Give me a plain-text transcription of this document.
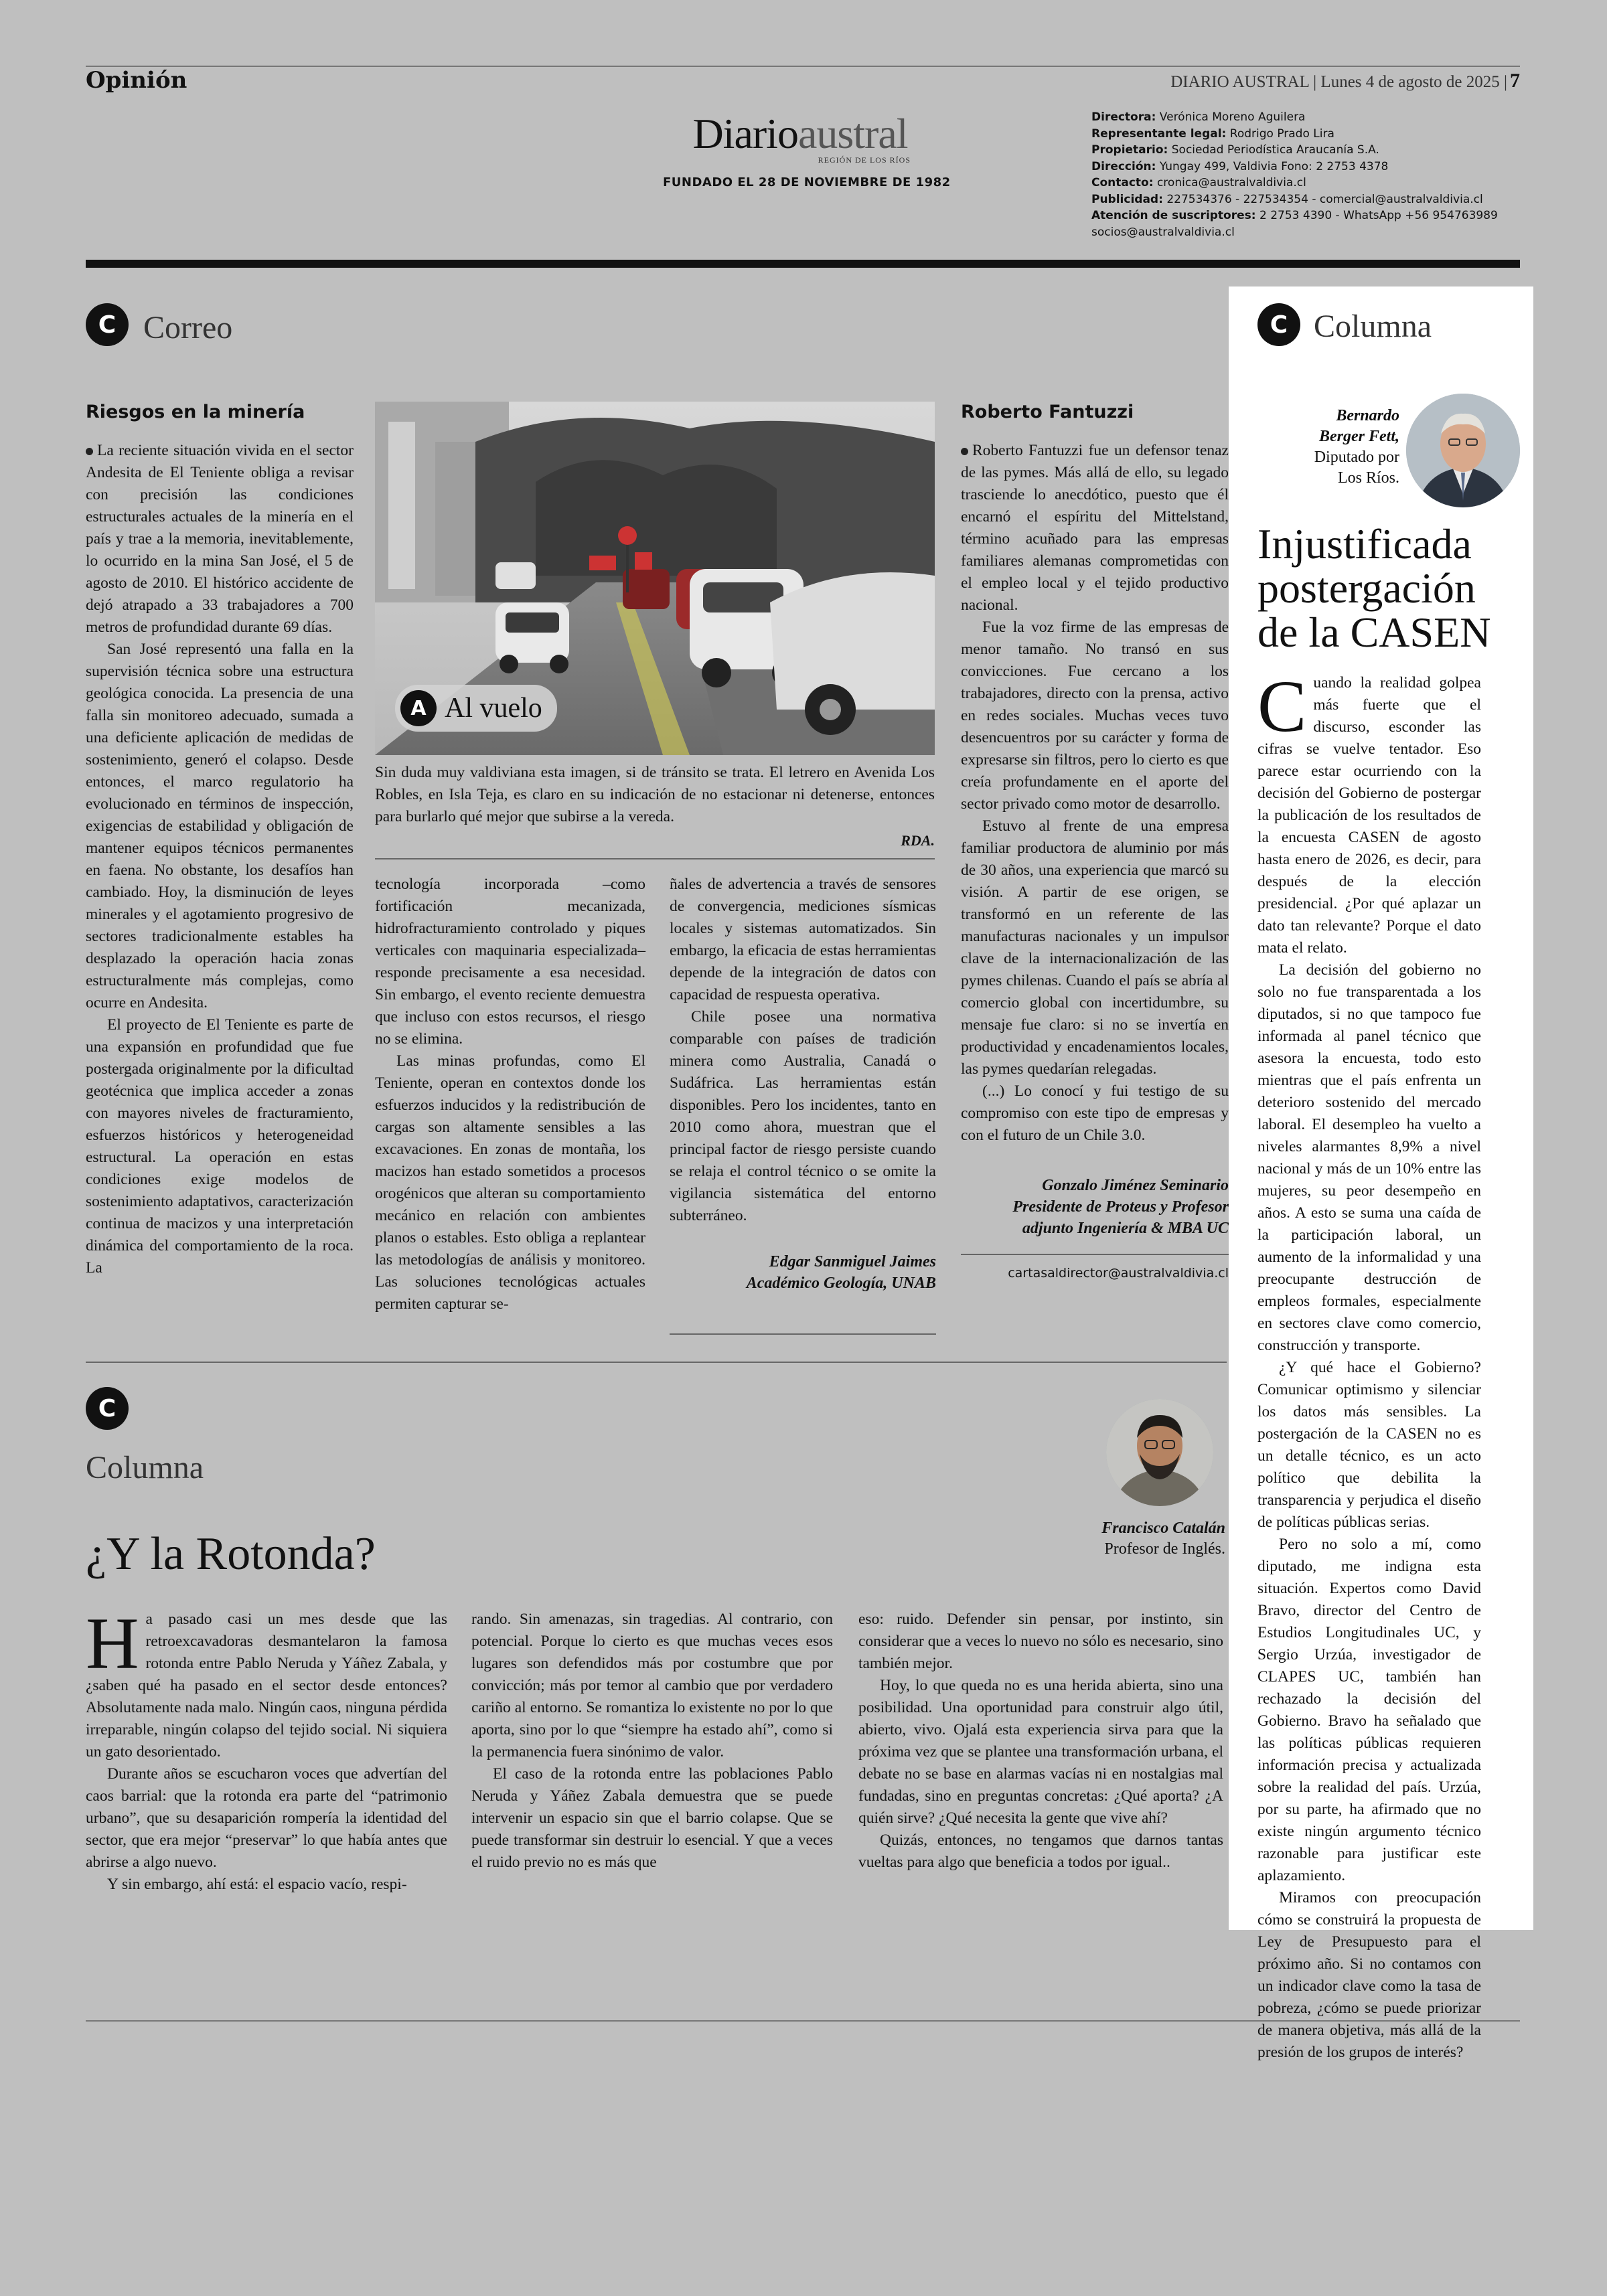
Opinión	DIARIO AUSTRAL | Lunes 4 de agosto de 2025 | 7
Diarioaustral
REGIÓN DE LOS RÍOS
FUNDADO EL 28 DE NOVIEMBRE DE 1982
Directora: Verónica Moreno Aguilera
Representante legal: Rodrigo Prado Lira
Propietario: Sociedad Periodística Araucanía S.A.
Dirección: Yungay 499, Valdivia Fono: 2 2753 4378
Contacto: cronica@australvaldivia.cl
Publicidad: 227534376 - 227534354 - comercial@australvaldivia.cl
Atención de suscriptores: 2 2753 4390 - WhatsApp +56 954763989
socios@australvaldivia.cl
C Correo
Riesgos en la minería

La reciente situación vivida en el sector Andesita de El Teniente obliga a revisar con precisión las condiciones estructurales actuales de la minería en el país y trae a la memoria, inevitablemente, lo ocurrido en la mina San José, el 5 de agosto de 2010. El histórico accidente de dejó atrapado a 33 trabajadores a 700 metros de profundidad durante 69 días.

San José representó una falla en la supervisión técnica sobre una estructura geológica conocida. La presencia de una falla sin monitoreo adecuado, sumada a una deficiente aplicación de medidas de sostenimiento, generó el colapso. Desde entonces, el marco regulatorio ha evolucionado en términos de inspección, exigencias de estabilidad y obligación de mantener equipos técnicos permanentes en faena. No obstante, los desafíos han cambiado. Hoy, la disminución de leyes minerales y el agotamiento progresivo de sectores tradicionalmente estables ha desplazado la operación hacia zonas estructuralmente más complejas, como ocurre en Andesita.

El proyecto de El Teniente es parte de una expansión en profundidad que fue postergada originalmente por la dificultad geotécnica que implica acceder a zonas con mayores niveles de fracturamiento, esfuerzos históricos y heterogeneidad estructural. La operación en estas condiciones exige modelos de sostenimiento adaptativos, caracterización continua de macizos y una interpretación dinámica del comportamiento de la roca. La

A Al vuelo

Sin duda muy valdiviana esta imagen, si de tránsito se trata. El letrero en Avenida Los Robles, en Isla Teja, es claro en su indicación de no estacionar ni detenerse, entonces para burlarlo qué mejor que subirse a la vereda.

RDA.

tecnología incorporada –como fortificación mecanizada, hidrofracturamiento controlado y piques verticales con maquinaria especializada– responde precisamente a esa necesidad. Sin embargo, el evento reciente demuestra que incluso con estos recursos, el riesgo no se elimina.

Las minas profundas, como El Teniente, operan en contextos donde los esfuerzos inducidos y la redistribución de cargas son altamente sensibles a las excavaciones. En zonas de montaña, los macizos han estado sometidos a procesos orogénicos que alteran su comportamiento mecánico en relación con ambientes planos o estables. Esto obliga a replantear las metodologías de análisis y monitoreo. Las soluciones tecnológicas actuales permiten capturar se-

ñales de advertencia a través de sensores de convergencia, mediciones sísmicas locales y sistemas automatizados. Sin embargo, la eficacia de estas herramientas depende de la integración de datos con capacidad de respuesta operativa.

Chile posee una normativa comparable con países de tradición minera como Australia, Canadá o Sudáfrica. Las herramientas están disponibles. Pero los incidentes, tanto en 2010 como ahora, muestran que el principal factor de riesgo persiste cuando se relaja el control técnico o se omite la vigilancia sistemática del entorno subterráneo.

Edgar Sanmiguel Jaimes
Académico Geología, UNAB
Roberto Fantuzzi

Roberto Fantuzzi fue un defensor tenaz de las pymes. Más allá de ello, su legado trasciende lo anecdótico, puesto que él encarnó el espíritu del Mittelstand, término acuñado para las empresas familiares alemanas comprometidas con el empleo local y el tejido productivo nacional.

Fue la voz firme de las empresas de menor tamaño. No transó en sus convicciones. Fue cercano a los trabajadores, directo con la prensa, activo en redes sociales. Muchas veces tuvo desencuentros por su carácter y forma de expresarse sin filtros, pero lo cierto es que creía profundamente en el aporte del sector privado como motor de desarrollo.

Estuvo al frente de una empresa familiar productora de aluminio por más de 30 años, una experiencia que marcó su visión. A partir de ese origen, se transformó en un referente de las manufacturas nacionales y un impulsor clave de la internacionalización de las pymes chilenas. Cuando el país se abría al comercio global con incertidumbre, su mensaje fue claro: si no se invertía en productividad y encadenamientos locales, las pymes quedarían relegadas.

(...) Lo conocí y fui testigo de su compromiso con este tipo de empresas y con el futuro de un Chile 3.0.

Gonzalo Jiménez Seminario
Presidente de Proteus y Profesor
adjunto Ingeniería & MBA UC
cartasaldirector@australvaldivia.cl
C Columna
Bernardo
Berger Fett,
Diputado por
Los Ríos.
Injustificada
postergación
de la CASEN
C uando la realidad golpea más fuerte que el discurso, esconder las cifras se vuelve tentador. Eso parece estar ocurriendo con la decisión del Gobierno de postergar la publicación de los resultados de la encuesta CASEN de agosto hasta enero de 2026, es decir, para después de la elección presidencial. ¿Por qué aplazar un dato tan relevante? Porque el dato mata el relato.

La decisión del gobierno no solo no fue transparentada a los diputados, si no que tampoco fue informada al panel técnico que asesora la encuesta, todo esto mientras que el país enfrenta un deterioro sostenido del mercado laboral. El desempleo ha vuelto a niveles alarmantes 8,9% a nivel nacional y más de un 10% entre las mujeres, su peor desempeño en años. A esto se suma una caída de la participación laboral, un aumento de la informalidad y una preocupante destrucción de empleos formales, especialmente en sectores clave como comercio, construcción y transporte.

¿Y qué hace el Gobierno? Comunicar optimismo y silenciar los datos más sensibles. La postergación de la CASEN no es un detalle técnico, es un acto político que debilita la transparencia y perjudica el diseño de políticas públicas serias.

Pero no solo a mí, como diputado, me indigna esta situación. Expertos como David Bravo, director del Centro de Estudios Longitudinales UC, y Sergio Urzúa, investigador de CLAPES UC, también han rechazado la decisión del Gobierno. Bravo ha señalado que las políticas públicas requieren información precisa y actualizada sobre la realidad del país. Urzúa, por su parte, ha afirmado que no existe ningún argumento técnico razonable para justificar este aplazamiento.

Miramos con preocupación cómo se construirá la propuesta de Ley de Presupuesto para el próximo año. Si no contamos con un indicador clave como la tasa de pobreza, ¿cómo se puede priorizar de manera objetiva, más allá de la presión de los grupos de interés?

C
Columna
Francisco Catalán
Profesor de Inglés.
¿Y la Rotonda?
H a pasado casi un mes desde que las retroexcavadoras desmantelaron la famosa rotonda entre Pablo Neruda y Yáñez Zabala, y ¿saben qué ha pasado en el sector desde entonces? Absolutamente nada malo. Ningún caos, ninguna pérdida irreparable, ningún colapso del tejido social. Ni siquiera un gato desorientado.

Durante años se escucharon voces que advertían del caos barrial: que la rotonda era parte del “patrimonio urbano”, que su desaparición rompería la identidad del sector, que era mejor “preservar” lo que había antes que abrirse a algo nuevo.

Y sin embargo, ahí está: el espacio vacío, respi-

rando. Sin amenazas, sin tragedias. Al contrario, con potencial. Porque lo cierto es que muchas veces esos lugares son defendidos más por costumbre que por convicción; más por temor al cambio que por verdadero cariño al entorno. Se romantiza lo existente no por lo que aporta, sino por lo que “siempre ha estado ahí”, como si la permanencia fuera sinónimo de valor.

El caso de la rotonda entre las poblaciones Pablo Neruda y Yáñez Zabala demuestra que se puede intervenir un espacio sin que el barrio colapse. Que se puede transformar sin destruir lo esencial. Y que a veces el ruido previo no es más que

eso: ruido. Defender sin pensar, por instinto, sin considerar que a veces lo nuevo no sólo es necesario, sino también mejor.

Hoy, lo que queda no es una herida abierta, sino una posibilidad. Una oportunidad para construir algo útil, abierto, vivo. Ojalá esta experiencia sirva para que la próxima vez que se plantee una transformación urbana, el debate no se base en alarmas vacías ni en nostalgias mal fundadas, sino en preguntas concretas: ¿Qué aporta? ¿A quién sirve? ¿Qué necesita la gente que vive ahí?

Quizás, entonces, no tengamos que darnos tantas vueltas para algo que beneficia a todos por igual..
